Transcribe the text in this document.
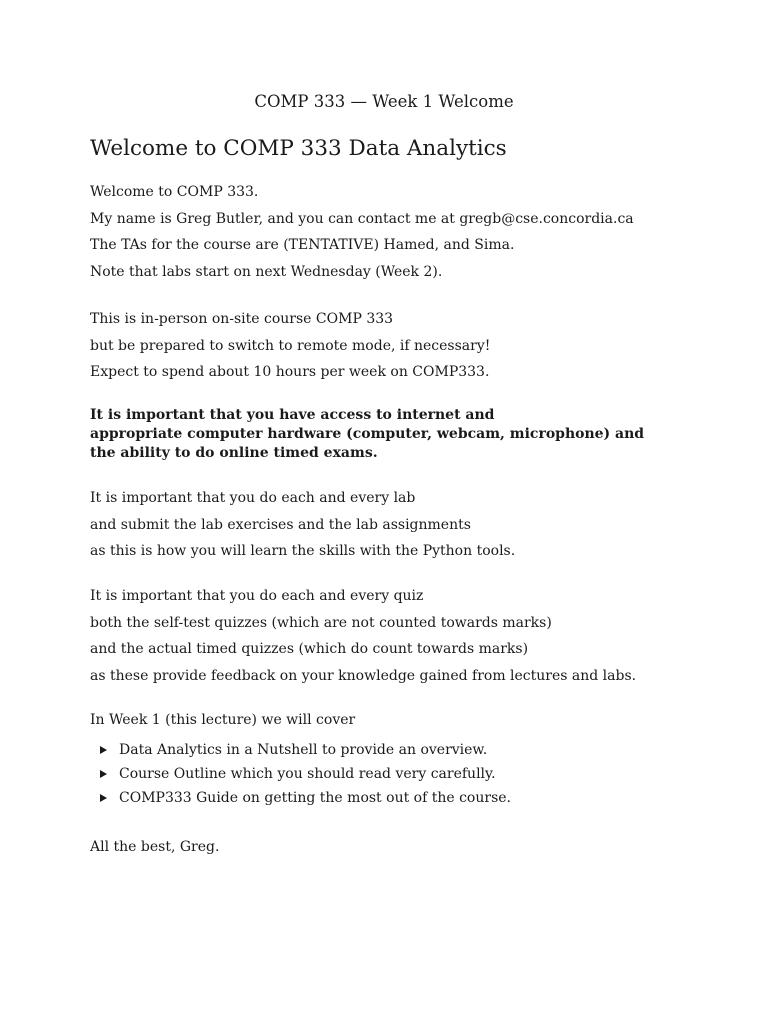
COMP 333 — Week 1 Welcome
Welcome to COMP 333 Data Analytics
Welcome to COMP 333.
My name is Greg Butler, and you can contact me at gregb@cse.concordia.ca
The TAs for the course are (TENTATIVE) Hamed, and Sima.
Note that labs start on next Wednesday (Week 2).
This is in-person on-site course COMP 333
but be prepared to switch to remote mode, if necessary!
Expect to spend about 10 hours per week on COMP333.
It is important that you have access to internet and
appropriate computer hardware (computer, webcam, microphone) and
the ability to do online timed exams.
It is important that you do each and every lab
and submit the lab exercises and the lab assignments
as this is how you will learn the skills with the Python tools.
It is important that you do each and every quiz
both the self-test quizzes (which are not counted towards marks)
and the actual timed quizzes (which do count towards marks)
as these provide feedback on your knowledge gained from lectures and labs.
In Week 1 (this lecture) we will cover
Data Analytics in a Nutshell to provide an overview.
Course Outline which you should read very carefully.
COMP333 Guide on getting the most out of the course.
All the best, Greg.
